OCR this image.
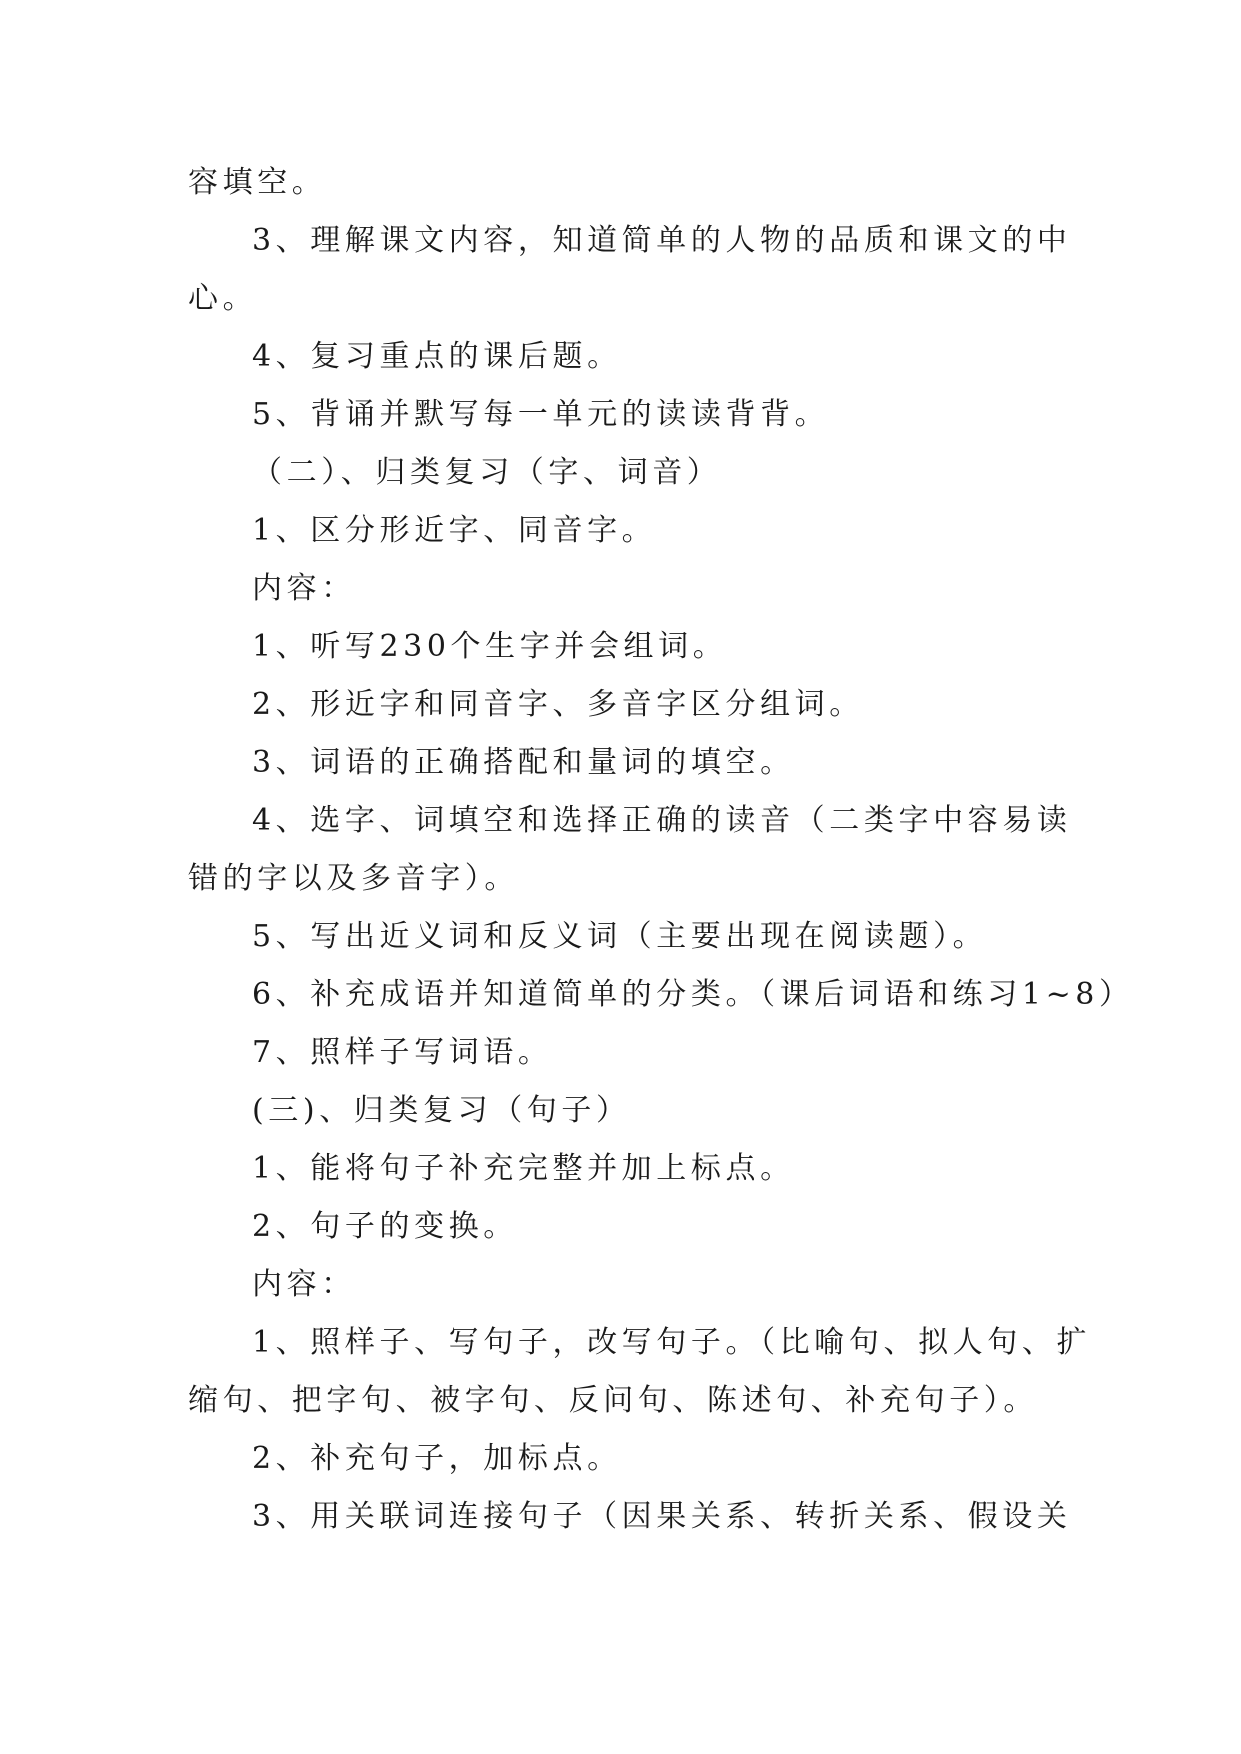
容填空。
3、理解课文内容，知道简单的人物的品质和课文的中
心。
4、复习重点的课后题。
5、背诵并默写每一单元的读读背背。
（二）、归类复习（字、词音）
1、区分形近字、同音字。
内容：
1、听写230个生字并会组词。
2、形近字和同音字、多音字区分组词。
3、词语的正确搭配和量词的填空。
4、选字、词填空和选择正确的读音（二类字中容易读
错的字以及多音字）。
5、写出近义词和反义词（主要出现在阅读题）。
6、补充成语并知道简单的分类。（课后词语和练习1~8）
7、照样子写词语。
(三)、归类复习（句子）
1、能将句子补充完整并加上标点。
2、句子的变换。
内容：
1、照样子、写句子，改写句子。（比喻句、拟人句、扩
缩句、把字句、被字句、反问句、陈述句、补充句子）。
2、补充句子，加标点。
3、用关联词连接句子（因果关系、转折关系、假设关
